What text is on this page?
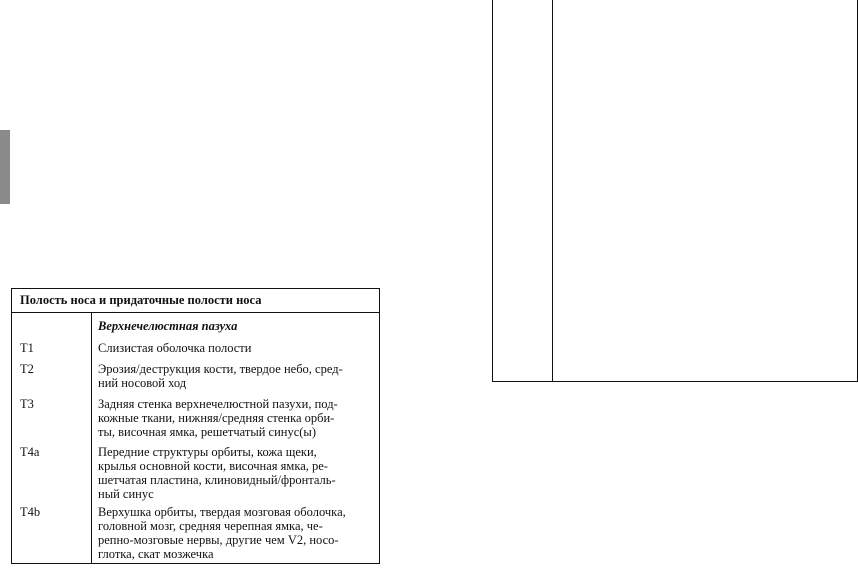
Полость носа и придаточные полости носа
Верхнечелюстная пазуха
T1	Слизистая оболочка полости
T2	Эрозия/деструкция кости, твердое небо, сред-
ний носовой ход
T3	Задняя стенка верхнечелюстной пазухи, под-
кожные ткани, нижняя/средняя стенка орби-
ты, височная ямка, решетчатый синус(ы)
T4a	Передние структуры орбиты, кожа щеки,
крылья основной кости, височная ямка, ре-
шетчатая пластина, клиновидный/фронталь-
ный синус
T4b	Верхушка орбиты, твердая мозговая оболочка,
головной мозг, средняя черепная ямка, че-
репно-мозговые нервы, другие чем V2, носо-
глотка, скат мозжечка
